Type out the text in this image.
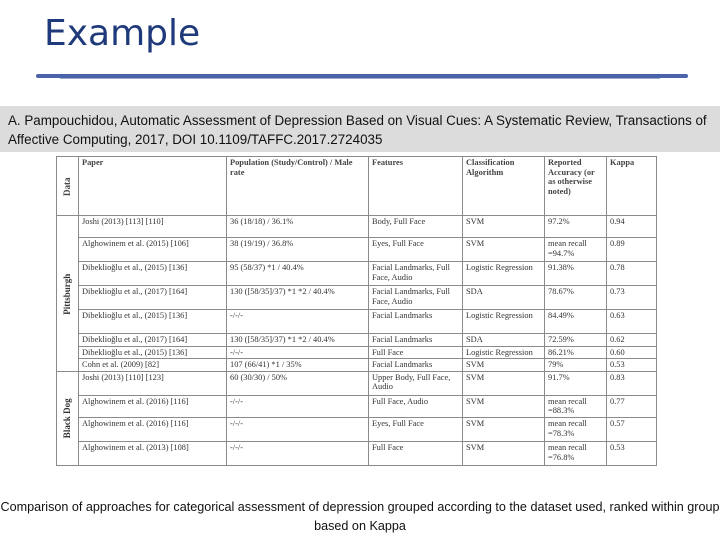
Example
A. Pampouchidou, Automatic Assessment of Depression Based on Visual Cues: A Systematic Review, Transactions of Affective Computing, 2017, DOI 10.1109/TAFFC.2017.2724035
Data	Paper	Population (Study/Control) / Male rate	Features	Classification Algorithm	Reported Accuracy (or as otherwise noted)	Kappa
Pittsburgh	Joshi (2013) [113] [110]	36 (18/18) / 36.1%	Body, Full Face	SVM	97.2%	0.94
	Alghowinem et al. (2015) [106]	38 (19/19) / 36.8%	Eyes, Full Face	SVM	mean recall =94.7%	0.89
	Dibeklioğlu et al., (2015) [136]	95 (58/37) *1 / 40.4%	Facial Landmarks, Full Face, Audio	Logistic Regression	91.38%	0.78
	Dibeklioğlu et al., (2017) [164]	130 ([58/35]/37) *1 *2 / 40.4%	Facial Landmarks, Full Face, Audio	SDA	78.67%	0.73
	Dibeklioğlu et al., (2015) [136]	-/-/-	Facial Landmarks	Logistic Regression	84.49%	0.63
	Dibeklioğlu et al., (2017) [164]	130 ([58/35]/37) *1 *2 / 40.4%	Facial Landmarks	SDA	72.59%	0.62
	Dibeklioğlu et al., (2015) [136]	-/-/-	Full Face	Logistic Regression	86.21%	0.60
	Cohn et al. (2009) [82]	107 (66/41) *1 / 35%	Facial Landmarks	SVM	79%	0.53
Black Dog	Joshi (2013) [110] [123]	60 (30/30) / 50%	Upper Body, Full Face, Audio	SVM	91.7%	0.83
	Alghowinem et al. (2016) [116]	-/-/-	Full Face, Audio	SVM	mean recall =88.3%	0.77
	Alghowinem et al. (2016) [116]	-/-/-	Eyes, Full Face	SVM	mean recall =78.3%	0.57
	Alghowinem et al. (2013) [108]	-/-/-	Full Face	SVM	mean recall =76.8%	0.53
Comparison of approaches for categorical assessment of depression grouped according to the dataset used, ranked within group based on Kappa
